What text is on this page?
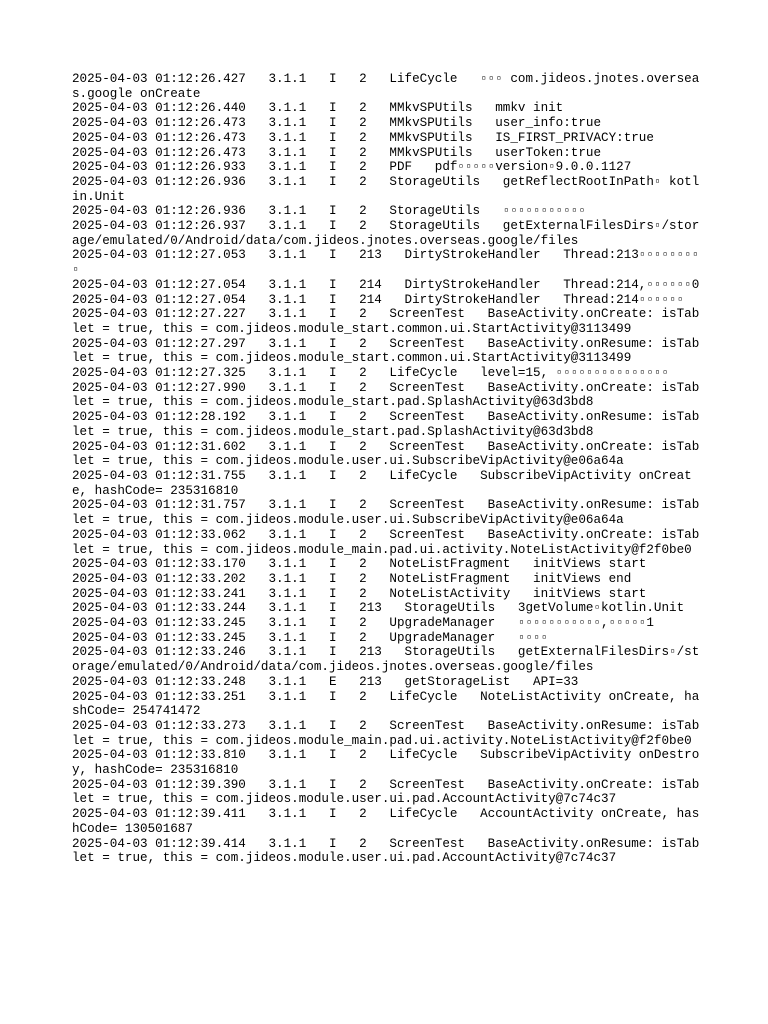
2025-04-03 01:12:26.427   3.1.1   I   2   LifeCycle   ▫▫▫ com.jideos.jnotes.overseas.google onCreate
2025-04-03 01:12:26.440   3.1.1   I   2   MMkvSPUtils   mmkv init
2025-04-03 01:12:26.473   3.1.1   I   2   MMkvSPUtils   user_info:true
2025-04-03 01:12:26.473   3.1.1   I   2   MMkvSPUtils   IS_FIRST_PRIVACY:true
2025-04-03 01:12:26.473   3.1.1   I   2   MMkvSPUtils   userToken:true
2025-04-03 01:12:26.933   3.1.1   I   2   PDF   pdf▫▫▫▫▫version▫9.0.0.1127
2025-04-03 01:12:26.936   3.1.1   I   2   StorageUtils   getReflectRootInPath▫ kotlin.Unit
2025-04-03 01:12:26.936   3.1.1   I   2   StorageUtils   ▫▫▫▫▫▫▫▫▫▫▫
2025-04-03 01:12:26.937   3.1.1   I   2   StorageUtils   getExternalFilesDirs▫/storage/emulated/0/Android/data/com.jideos.jnotes.overseas.google/files
2025-04-03 01:12:27.053   3.1.1   I   213   DirtyStrokeHandler   Thread:213▫▫▫▫▫▫▫▫▫
2025-04-03 01:12:27.054   3.1.1   I   214   DirtyStrokeHandler   Thread:214,▫▫▫▫▫▫0
2025-04-03 01:12:27.054   3.1.1   I   214   DirtyStrokeHandler   Thread:214▫▫▫▫▫▫
2025-04-03 01:12:27.227   3.1.1   I   2   ScreenTest   BaseActivity.onCreate: isTablet = true, this = com.jideos.module_start.common.ui.StartActivity@3113499
2025-04-03 01:12:27.297   3.1.1   I   2   ScreenTest   BaseActivity.onResume: isTablet = true, this = com.jideos.module_start.common.ui.StartActivity@3113499
2025-04-03 01:12:27.325   3.1.1   I   2   LifeCycle   level=15, ▫▫▫▫▫▫▫▫▫▫▫▫▫▫▫
2025-04-03 01:12:27.990   3.1.1   I   2   ScreenTest   BaseActivity.onCreate: isTablet = true, this = com.jideos.module_start.pad.SplashActivity@63d3bd8
2025-04-03 01:12:28.192   3.1.1   I   2   ScreenTest   BaseActivity.onResume: isTablet = true, this = com.jideos.module_start.pad.SplashActivity@63d3bd8
2025-04-03 01:12:31.602   3.1.1   I   2   ScreenTest   BaseActivity.onCreate: isTablet = true, this = com.jideos.module.user.ui.SubscribeVipActivity@e06a64a
2025-04-03 01:12:31.755   3.1.1   I   2   LifeCycle   SubscribeVipActivity onCreate, hashCode= 235316810
2025-04-03 01:12:31.757   3.1.1   I   2   ScreenTest   BaseActivity.onResume: isTablet = true, this = com.jideos.module.user.ui.SubscribeVipActivity@e06a64a
2025-04-03 01:12:33.062   3.1.1   I   2   ScreenTest   BaseActivity.onCreate: isTablet = true, this = com.jideos.module_main.pad.ui.activity.NoteListActivity@f2f0be0
2025-04-03 01:12:33.170   3.1.1   I   2   NoteListFragment   initViews start
2025-04-03 01:12:33.202   3.1.1   I   2   NoteListFragment   initViews end
2025-04-03 01:12:33.241   3.1.1   I   2   NoteListActivity   initViews start
2025-04-03 01:12:33.244   3.1.1   I   213   StorageUtils   3getVolume▫kotlin.Unit
2025-04-03 01:12:33.245   3.1.1   I   2   UpgradeManager   ▫▫▫▫▫▫▫▫▫▫▫,▫▫▫▫▫1
2025-04-03 01:12:33.245   3.1.1   I   2   UpgradeManager   ▫▫▫▫
2025-04-03 01:12:33.246   3.1.1   I   213   StorageUtils   getExternalFilesDirs▫/storage/emulated/0/Android/data/com.jideos.jnotes.overseas.google/files
2025-04-03 01:12:33.248   3.1.1   E   213   getStorageList   API=33
2025-04-03 01:12:33.251   3.1.1   I   2   LifeCycle   NoteListActivity onCreate, hashCode= 254741472
2025-04-03 01:12:33.273   3.1.1   I   2   ScreenTest   BaseActivity.onResume: isTablet = true, this = com.jideos.module_main.pad.ui.activity.NoteListActivity@f2f0be0
2025-04-03 01:12:33.810   3.1.1   I   2   LifeCycle   SubscribeVipActivity onDestroy, hashCode= 235316810
2025-04-03 01:12:39.390   3.1.1   I   2   ScreenTest   BaseActivity.onCreate: isTablet = true, this = com.jideos.module.user.ui.pad.AccountActivity@7c74c37
2025-04-03 01:12:39.411   3.1.1   I   2   LifeCycle   AccountActivity onCreate, hashCode= 130501687
2025-04-03 01:12:39.414   3.1.1   I   2   ScreenTest   BaseActivity.onResume: isTablet = true, this = com.jideos.module.user.ui.pad.AccountActivity@7c74c37
